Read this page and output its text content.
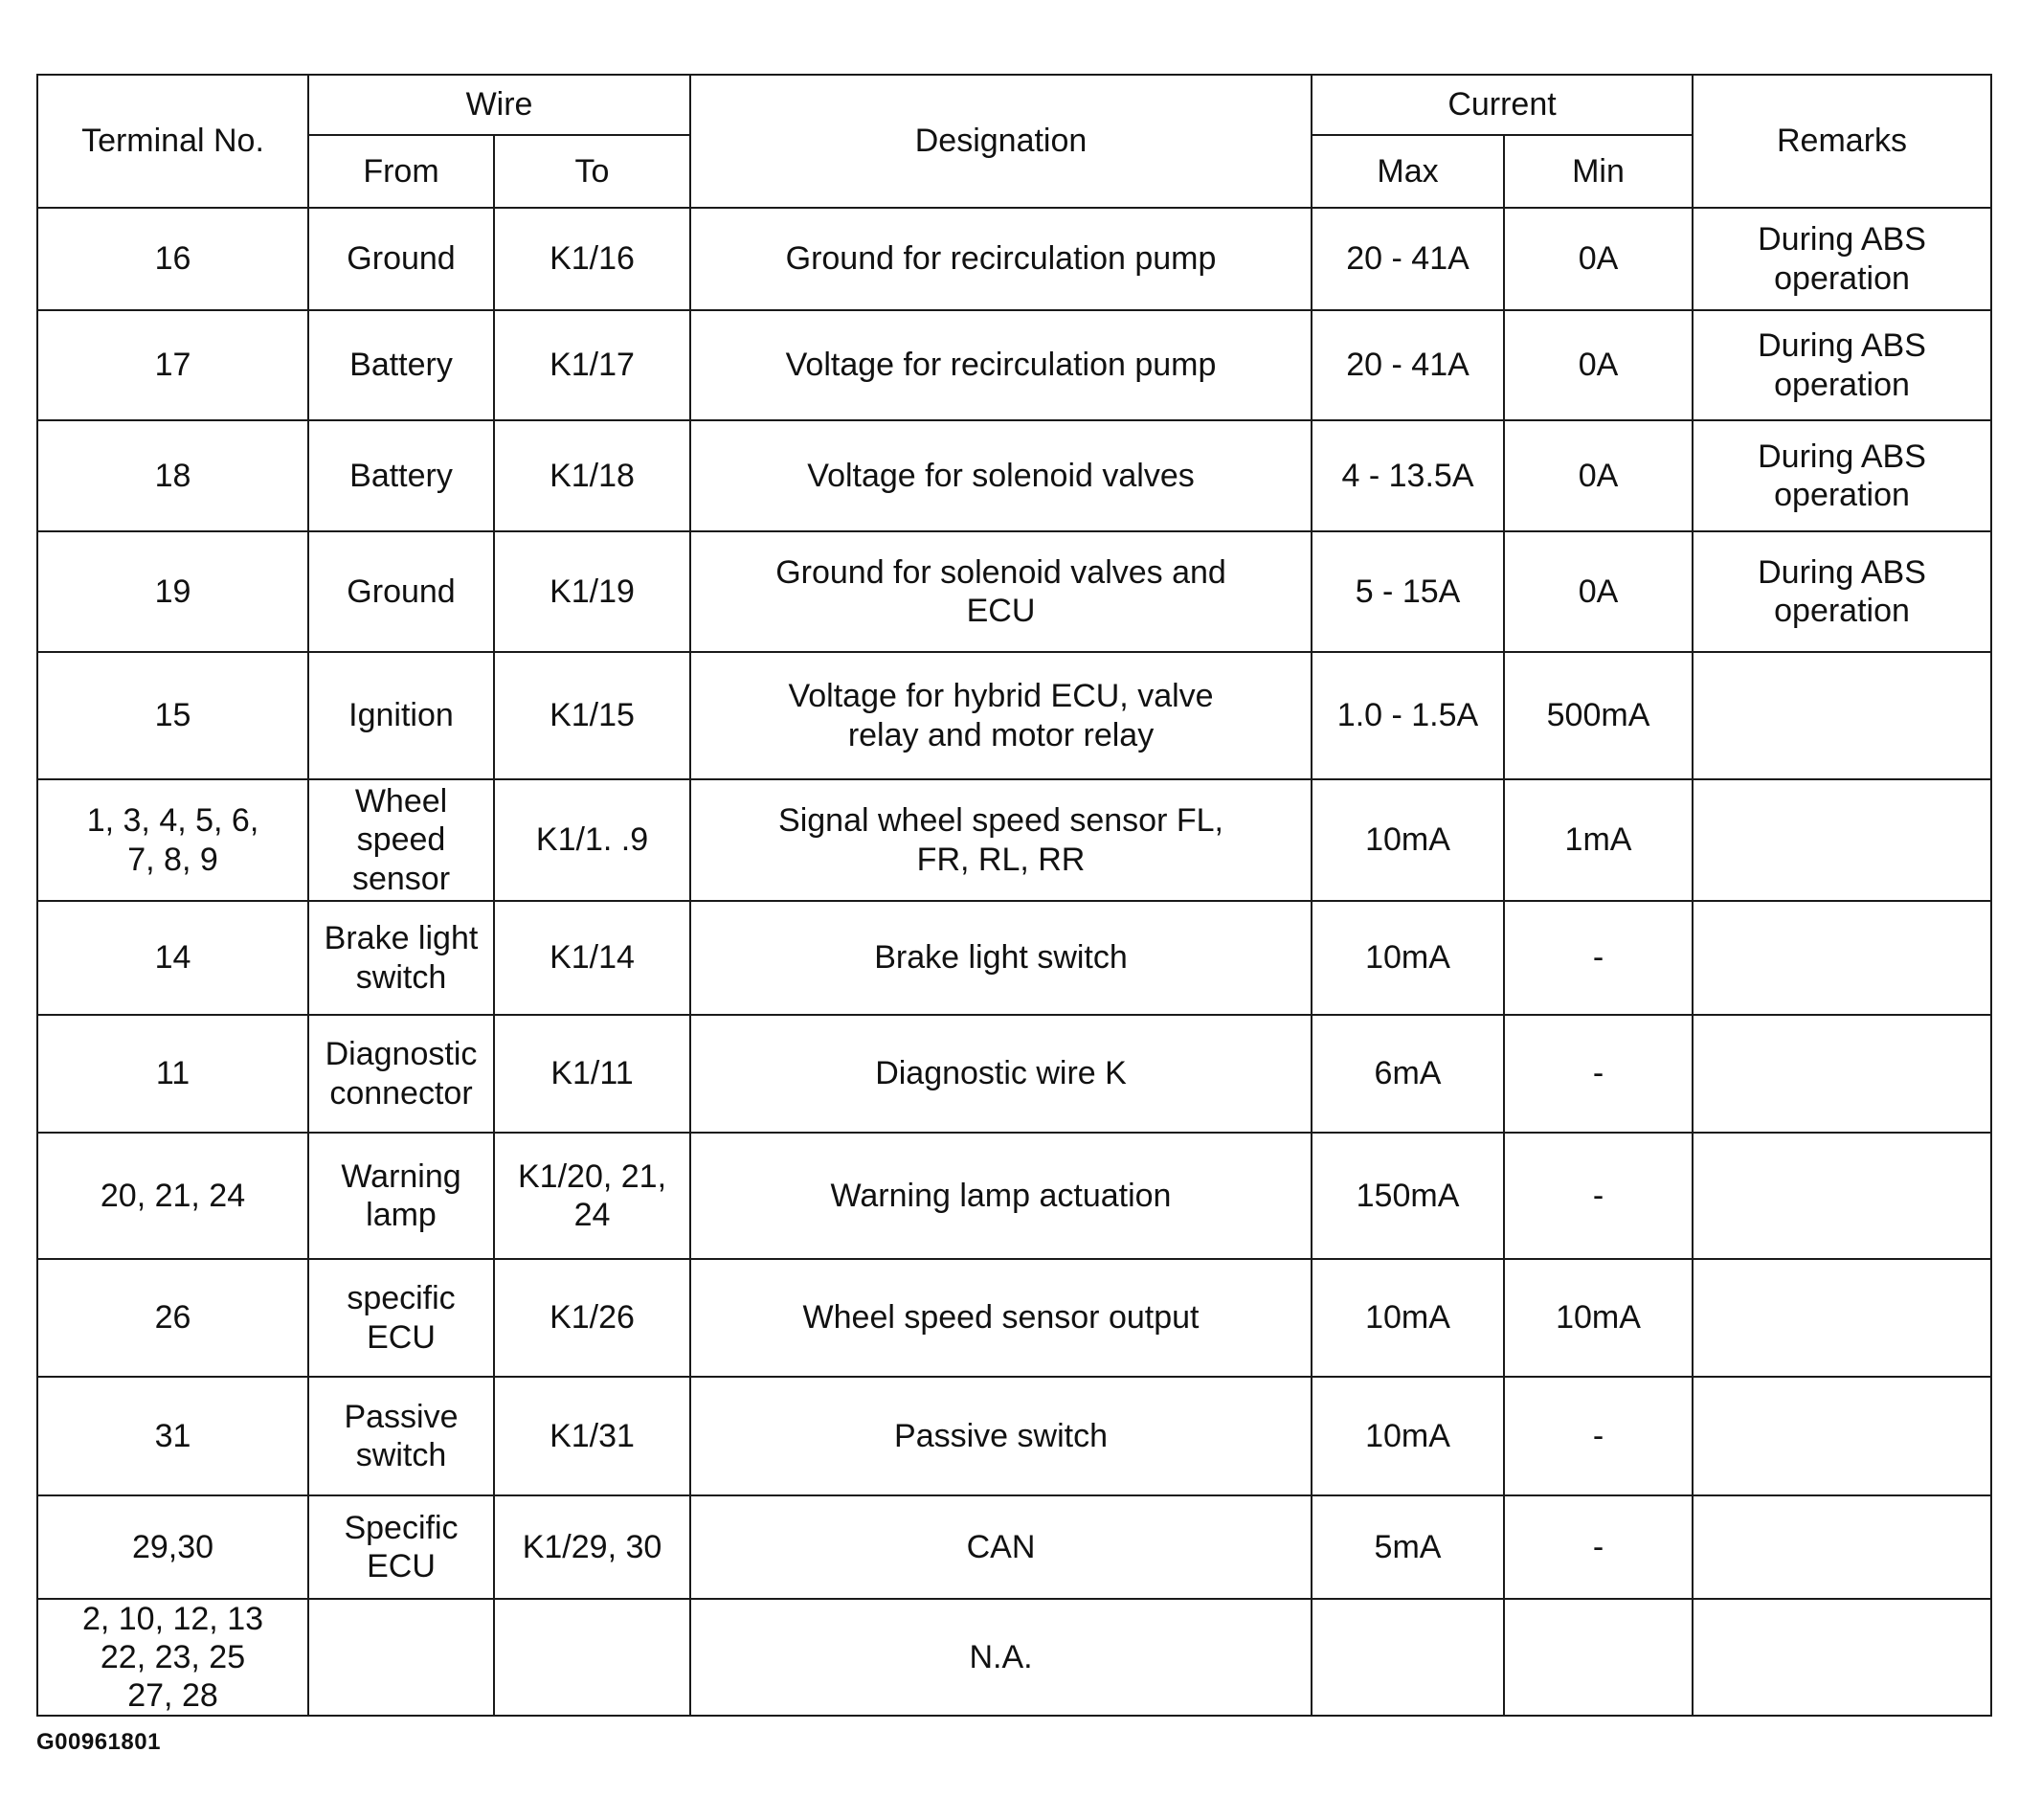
Terminal No.	Wire		Designation	Current		Remarks
	From	To		Max	Min	

16	Ground	K1/16	Ground for recirculation pump	20 - 41A	0A	During ABS
operation

17	Battery	K1/17	Voltage for recirculation pump	20 - 41A	0A	During ABS
operation

18	Battery	K1/18	Voltage for solenoid valves	4 - 13.5A	0A	During ABS
operation

19	Ground	K1/19	Ground for solenoid valves and
ECU	5 - 15A	0A	During ABS
operation

15	Ignition	K1/15	Voltage for hybrid ECU, valve
relay and motor relay	1.0 - 1.5A	500mA	

1, 3, 4, 5, 6,
7, 8, 9	Wheel
speed
sensor	K1/1. .9	Signal wheel speed sensor FL,
FR, RL, RR	10mA	1mA	

14	Brake light
switch	K1/14	Brake light switch	10mA	-	

11	Diagnostic
connector	K1/11	Diagnostic wire K	6mA	-	

20, 21, 24	Warning
lamp	K1/20, 21,
24	Warning lamp actuation	150mA	-	

26	specific
ECU	K1/26	Wheel speed sensor output	10mA	10mA	

31	Passive
switch	K1/31	Passive switch	10mA	-	

29,30	Specific
ECU	K1/29, 30	CAN	5mA	-	

2, 10, 12, 13
22, 23, 25
27, 28			N.A.			

G00961801
